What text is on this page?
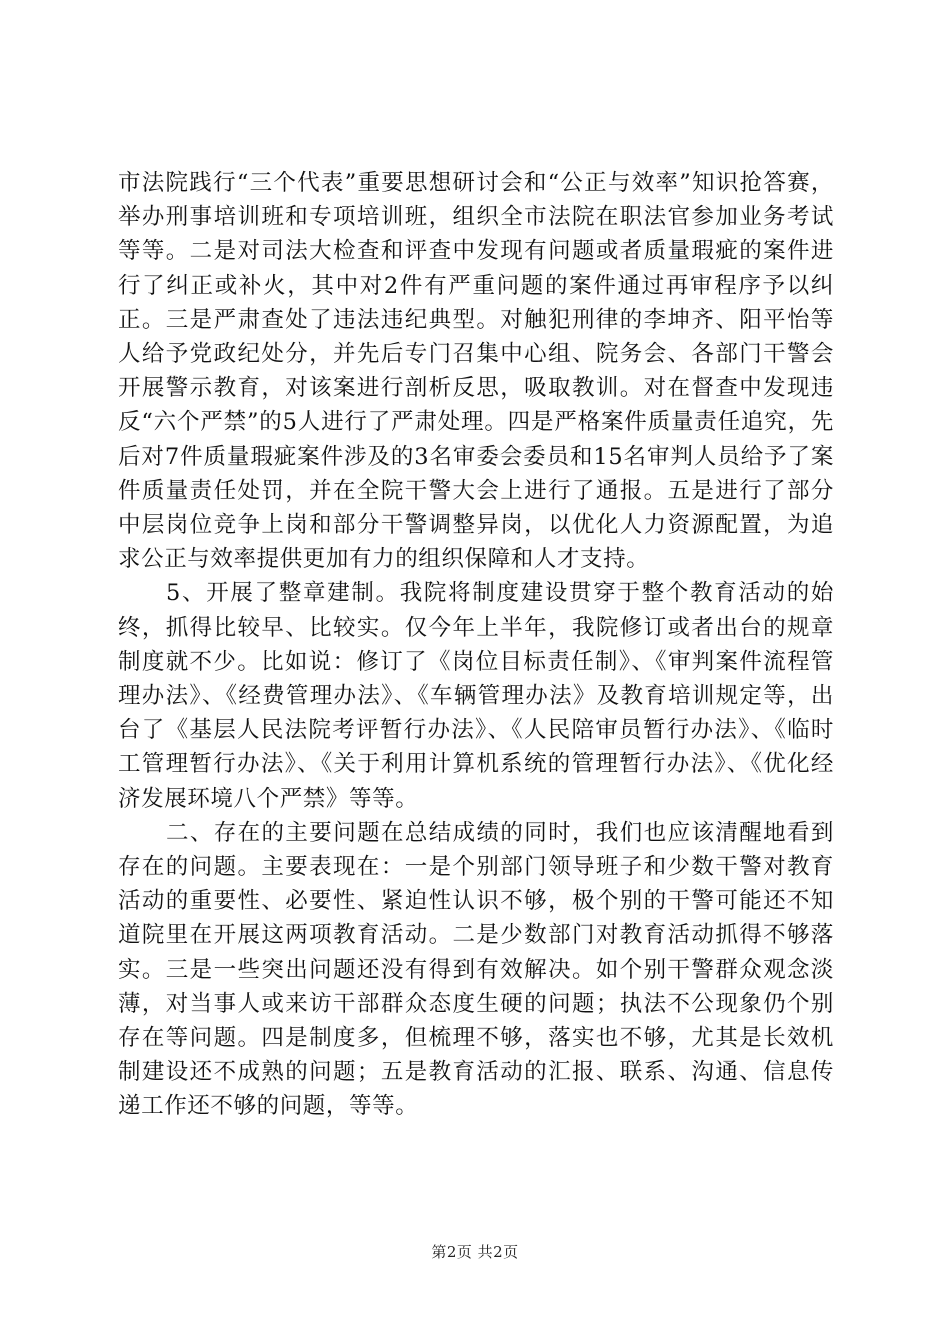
市法院践行“三个代表”重要思想研讨会和“公正与效率”知识抢答赛，举办刑事培训班和专项培训班，组织全市法院在职法官参加业务考试等等。二是对司法大检查和评查中发现有问题或者质量瑕疵的案件进行了纠正或补火，其中对2件有严重问题的案件通过再审程序予以纠正。三是严肃查处了违法违纪典型。对触犯刑律的李坤齐、阳平怡等人给予党政纪处分，并先后专门召集中心组、院务会、各部门干警会开展警示教育，对该案进行剖析反思，吸取教训。对在督查中发现违反“六个严禁”的5人进行了严肃处理。四是严格案件质量责任追究，先后对7件质量瑕疵案件涉及的3名审委会委员和15名审判人员给予了案件质量责任处罚，并在全院干警大会上进行了通报。五是进行了部分中层岗位竞争上岗和部分干警调整异岗，以优化人力资源配置，为追求公正与效率提供更加有力的组织保障和人才支持。

5、开展了整章建制。我院将制度建设贯穿于整个教育活动的始终，抓得比较早、比较实。仅今年上半年，我院修订或者出台的规章制度就不少。比如说：修订了《岗位目标责任制》、《审判案件流程管理办法》、《经费管理办法》、《车辆管理办法》及教育培训规定等，出台了《基层人民法院考评暂行办法》、《人民陪审员暂行办法》、《临时工管理暂行办法》、《关于利用计算机系统的管理暂行办法》、《优化经济发展环境八个严禁》等等。

二、存在的主要问题在总结成绩的同时，我们也应该清醒地看到存在的问题。主要表现在：一是个别部门领导班子和少数干警对教育活动的重要性、必要性、紧迫性认识不够，极个别的干警可能还不知道院里在开展这两项教育活动。二是少数部门对教育活动抓得不够落实。三是一些突出问题还没有得到有效解决。如个别干警群众观念淡薄，对当事人或来访干部群众态度生硬的问题；执法不公现象仍个别存在等问题。四是制度多，但梳理不够，落实也不够，尤其是长效机制建设还不成熟的问题；五是教育活动的汇报、联系、沟通、信息传递工作还不够的问题，等等。

第2页 共2页
